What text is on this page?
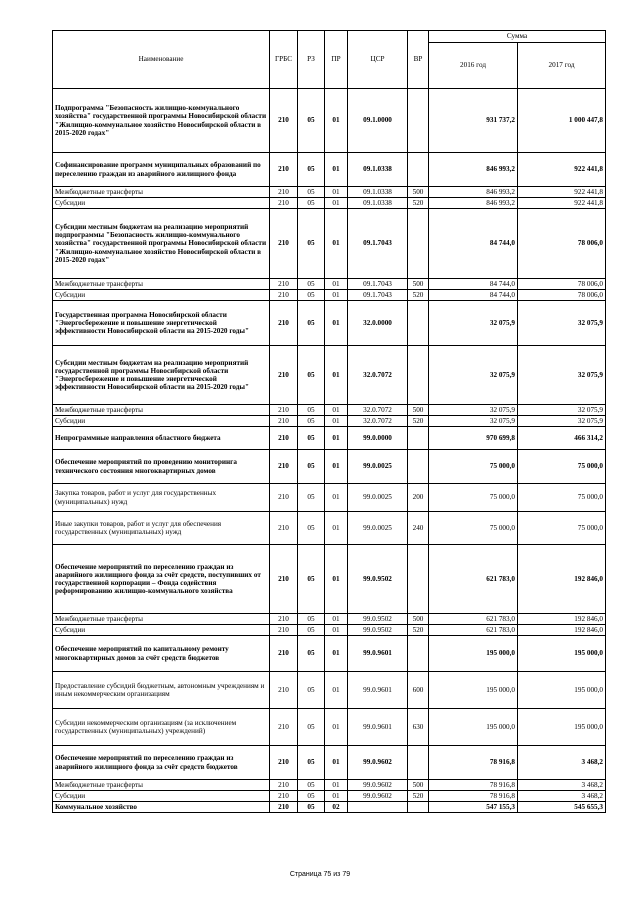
Наименование	ГРБС	РЗ	ПР	ЦСР	ВР	Сумма	
						2016 год	2017 год
Подпрограмма "Безопасность жилищно-коммунального хозяйства" государственной программы Новосибирской области "Жилищно-коммунальное хозяйство Новосибирской области в 2015-2020 годах"	210	05	01	09.1.0000		931 737,2	1 000 447,8
Софинансирование программ муниципальных образований по переселению граждан из аварийного жилищного фонда	210	05	01	09.1.0338		846 993,2	922 441,8
Межбюджетные трансферты	210	05	01	09.1.0338	500	846 993,2	922 441,8
Субсидии	210	05	01	09.1.0338	520	846 993,2	922 441,8
Субсидии местным бюджетам на реализацию мероприятий подпрограммы "Безопасность жилищно-коммунального хозяйства" государственной программы Новосибирской области "Жилищно-коммунальное хозяйство Новосибирской области в 2015-2020 годах"	210	05	01	09.1.7043		84 744,0	78 006,0
Межбюджетные трансферты	210	05	01	09.1.7043	500	84 744,0	78 006,0
Субсидии	210	05	01	09.1.7043	520	84 744,0	78 006,0
Государственная программа Новосибирской области "Энергосбережение и повышение энергетической эффективности Новосибирской области на 2015-2020 годы"	210	05	01	32.0.0000		32 075,9	32 075,9
Субсидии местным бюджетам на реализацию мероприятий государственной программы Новосибирской области "Энергосбережение и повышение энергетической эффективности Новосибирской области на 2015-2020 годы"	210	05	01	32.0.7072		32 075,9	32 075,9
Межбюджетные трансферты	210	05	01	32.0.7072	500	32 075,9	32 075,9
Субсидии	210	05	01	32.0.7072	520	32 075,9	32 075,9
Непрограммные направления областного бюджета	210	05	01	99.0.0000		970 699,8	466 314,2
Обеспечение мероприятий по проведению мониторинга технического состояния многоквартирных домов	210	05	01	99.0.0025		75 000,0	75 000,0
Закупка товаров, работ и услуг для государственных (муниципальных) нужд	210	05	01	99.0.0025	200	75 000,0	75 000,0
Иные закупки товаров, работ и услуг для обеспечения государственных (муниципальных) нужд	210	05	01	99.0.0025	240	75 000,0	75 000,0
Обеспечение мероприятий по переселению граждан из аварийного жилищного фонда за счёт средств, поступивших от государственной корпорации – Фонда содействия реформированию жилищно-коммунального хозяйства	210	05	01	99.0.9502		621 783,0	192 846,0
Межбюджетные трансферты	210	05	01	99.0.9502	500	621 783,0	192 846,0
Субсидии	210	05	01	99.0.9502	520	621 783,0	192 846,0
Обеспечение мероприятий по капитальному ремонту многоквартирных домов за счёт средств бюджетов	210	05	01	99.0.9601		195 000,0	195 000,0
Предоставление субсидий бюджетным, автономным учреждениям и иным некоммерческим организациям	210	05	01	99.0.9601	600	195 000,0	195 000,0
Субсидии некоммерческим организациям (за исключением государственных (муниципальных) учреждений)	210	05	01	99.0.9601	630	195 000,0	195 000,0
Обеспечение мероприятий по переселению граждан из аварийного жилищного фонда за счёт средств бюджетов	210	05	01	99.0.9602		78 916,8	3 468,2
Межбюджетные трансферты	210	05	01	99.0.9602	500	78 916,8	3 468,2
Субсидии	210	05	01	99.0.9602	520	78 916,8	3 468,2
Коммунальное хозяйство	210	05	02			547 155,3	545 655,3
Страница 75 из 79
